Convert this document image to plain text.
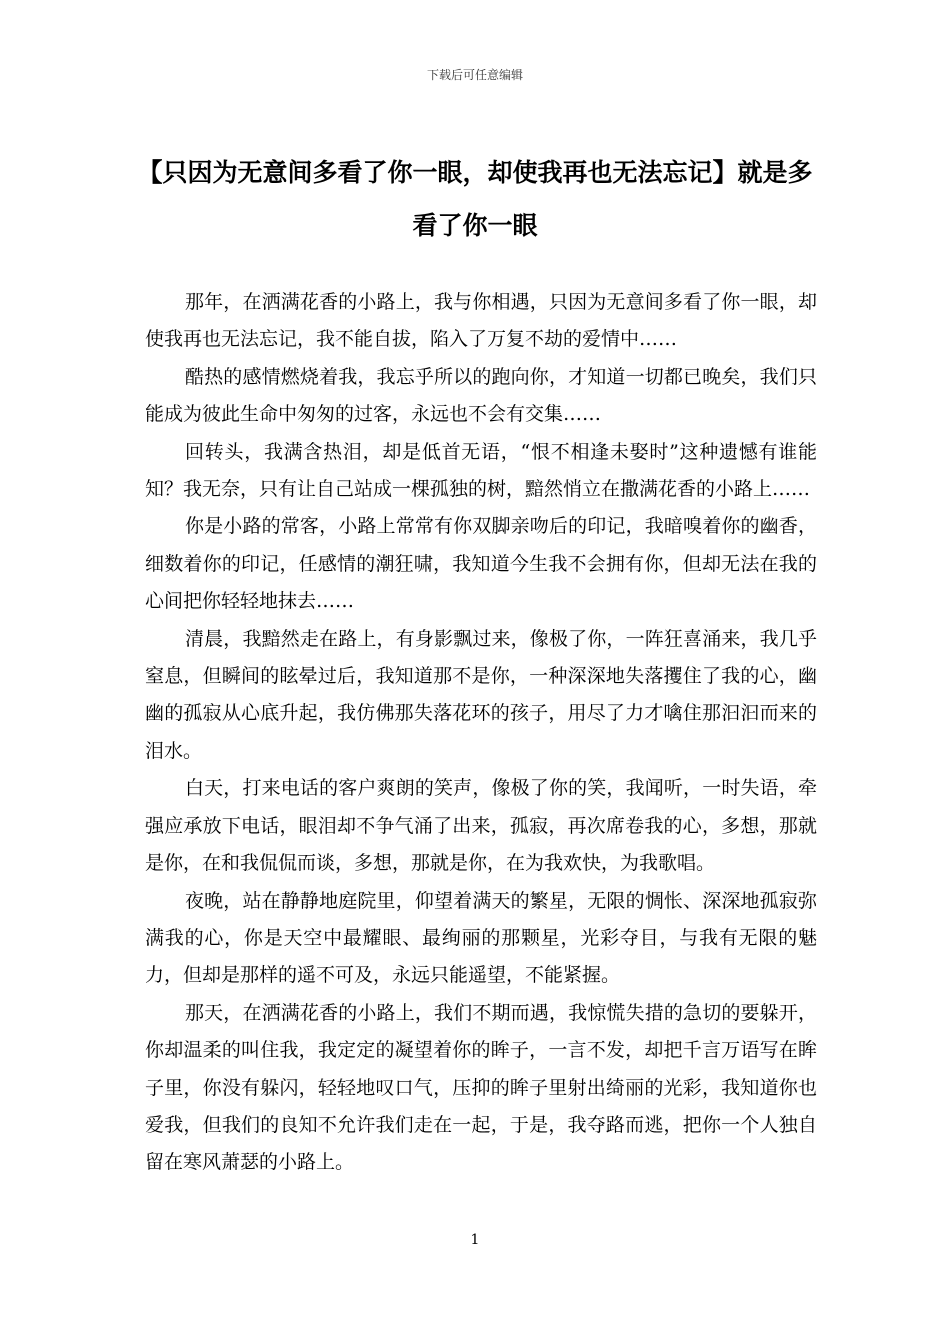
下载后可任意编辑
【只因为无意间多看了你一眼，却使我再也无法忘记】就是多看了你一眼

那年，在洒满花香的小路上，我与你相遇，只因为无意间多看了你一眼，却使我再也无法忘记，我不能自拔，陷入了万复不劫的爱情中……

酷热的感情燃烧着我，我忘乎所以的跑向你，才知道一切都已晚矣，我们只能成为彼此生命中匆匆的过客，永远也不会有交集……

回转头，我满含热泪，却是低首无语，“恨不相逢未娶时”这种遗憾有谁能知？我无奈，只有让自己站成一棵孤独的树，黯然悄立在撒满花香的小路上……

你是小路的常客，小路上常常有你双脚亲吻后的印记，我暗嗅着你的幽香，细数着你的印记，任感情的潮狂啸，我知道今生我不会拥有你，但却无法在我的心间把你轻轻地抹去……

清晨，我黯然走在路上，有身影飘过来，像极了你，一阵狂喜涌来，我几乎窒息，但瞬间的眩晕过后，我知道那不是你，一种深深地失落攫住了我的心，幽幽的孤寂从心底升起，我仿佛那失落花环的孩子，用尽了力才噙住那汩汩而来的泪水。

白天，打来电话的客户爽朗的笑声，像极了你的笑，我闻听，一时失语，牵强应承放下电话，眼泪却不争气涌了出来，孤寂，再次席卷我的心，多想，那就是你，在和我侃侃而谈，多想，那就是你，在为我欢快，为我歌唱。

夜晚，站在静静地庭院里，仰望着满天的繁星，无限的惆怅、深深地孤寂弥满我的心，你是天空中最耀眼、最绚丽的那颗星，光彩夺目，与我有无限的魅力，但却是那样的遥不可及，永远只能遥望，不能紧握。

那天，在洒满花香的小路上，我们不期而遇，我惊慌失措的急切的要躲开，你却温柔的叫住我，我定定的凝望着你的眸子，一言不发，却把千言万语写在眸子里，你没有躲闪，轻轻地叹口气，压抑的眸子里射出绮丽的光彩，我知道你也爱我，但我们的良知不允许我们走在一起，于是，我夺路而逃，把你一个人独自留在寒风萧瑟的小路上。

1
